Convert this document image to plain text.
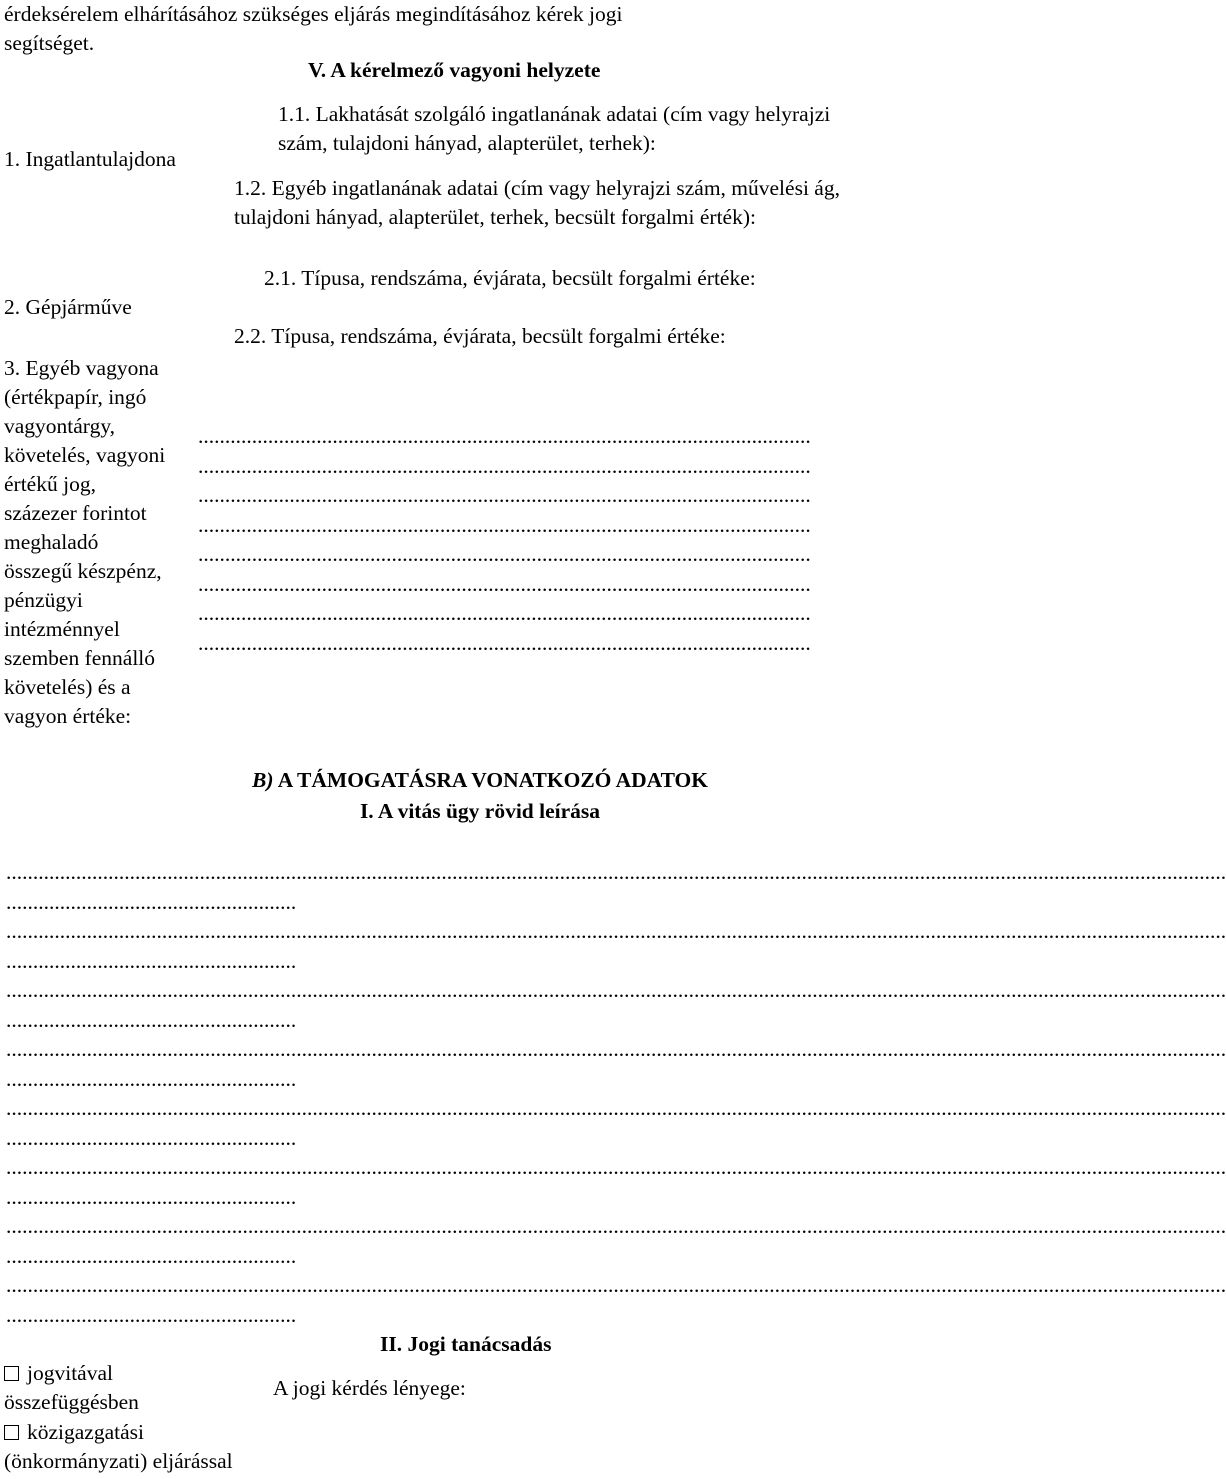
érdeksérelem elhárításához szükséges eljárás megindításához kérek jogi
segítséget.
V. A kérelmező vagyoni helyzete
1. Ingatlantulajdona
1.1. Lakhatását szolgáló ingatlanának adatai (cím vagy helyrajzi
szám, tulajdoni hányad, alapterület, terhek):
1.2. Egyéb ingatlanának adatai (cím vagy helyrajzi szám, művelési ág,
tulajdoni hányad, alapterület, terhek, becsült forgalmi érték):
2. Gépjárműve
2.1. Típusa, rendszáma, évjárata, becsült forgalmi értéke:
2.2. Típusa, rendszáma, évjárata, becsült forgalmi értéke:
3. Egyéb vagyona
(értékpapír, ingó
vagyontárgy,
követelés, vagyoni
értékű jog,
százezer forintot
meghaladó
összegű készpénz,
pénzügyi
intézménnyel
szemben fennálló
követelés) és a
vagyon értéke:
..................................................................................................................
..................................................................................................................
..................................................................................................................
..................................................................................................................
..................................................................................................................
..................................................................................................................
..................................................................................................................
..................................................................................................................
B) A TÁMOGATÁSRA VONATKOZÓ ADATOK
I. A vitás ügy rövid leírása
...................................................................................................................................................................................................................................
......................................................
...................................................................................................................................................................................................................................
......................................................
...................................................................................................................................................................................................................................
......................................................
...................................................................................................................................................................................................................................
......................................................
...................................................................................................................................................................................................................................
......................................................
...................................................................................................................................................................................................................................
......................................................
...................................................................................................................................................................................................................................
......................................................
...................................................................................................................................................................................................................................
......................................................
II. Jogi tanácsadás
A jogi kérdés lényege:
jogvitával
összefüggésben
közigazgatási
(önkormányzati) eljárással
